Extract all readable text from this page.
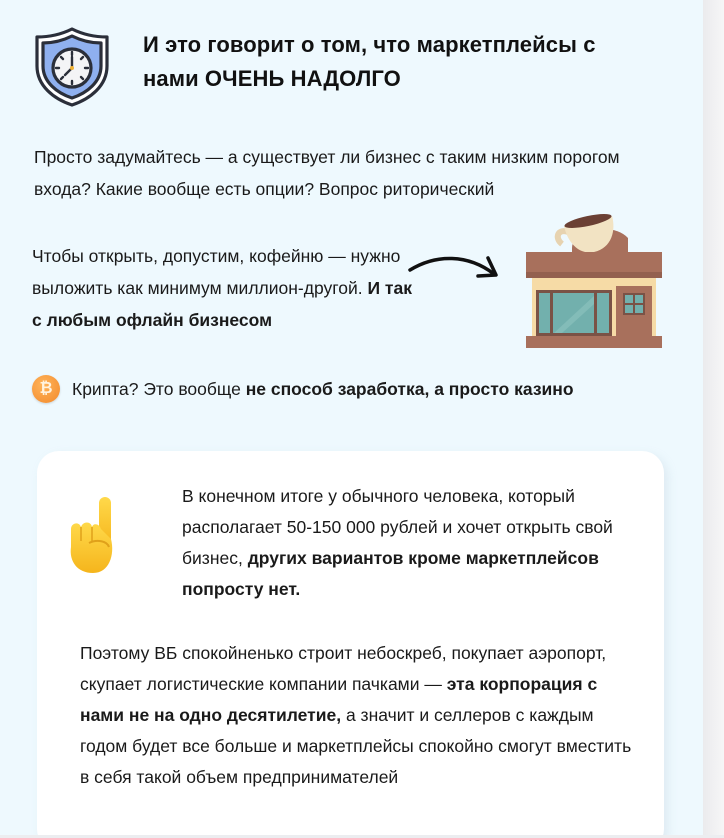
И это говорит о том, что маркетплейсы с
нами ОЧЕНЬ НАДОЛГО

Просто задумайтесь — а существует ли бизнес с таким низким порогом входа? Какие вообще есть опции? Вопрос риторический

Чтобы открыть, допустим, кофейню — нужно выложить как минимум миллион-другой. И так с любым офлайн бизнесом

₿	Крипта? Это вообще не способ заработка, а просто казино

В конечном итоге у обычного человека, который располагает 50-150 000 рублей и хочет открыть свой бизнес, других вариантов кроме маркетплейсов попросту нет.

Поэтому ВБ спокойненько строит небоскреб, покупает аэропорт, скупает логистические компании пачками — эта корпорация с нами не на одно десятилетие, а значит и селлеров с каждым годом будет все больше и маркетплейсы спокойно смогут вместить в себя такой объем предпринимателей
